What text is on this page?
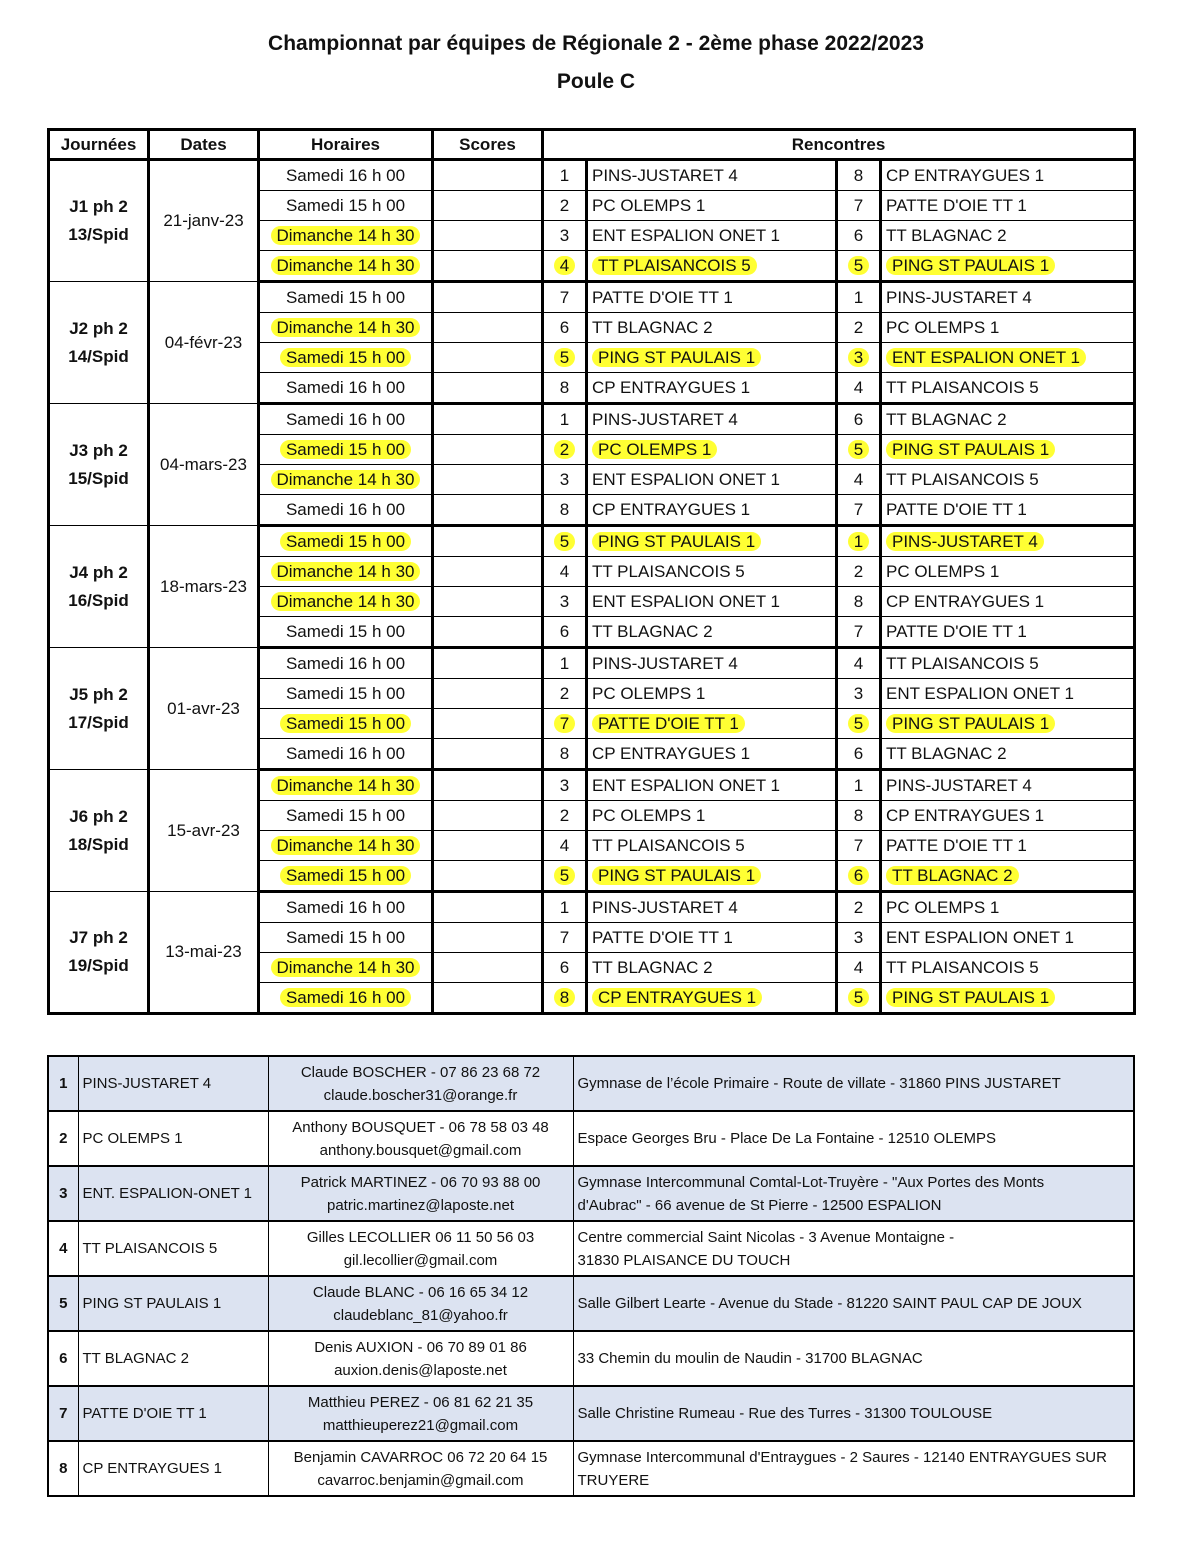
Championnat par équipes de Régionale 2 - 2ème phase 2022/2023
Poule C
Journées	Dates	Horaires	Scores	Rencontres			
J1 ph 2
13/Spid	21-janv-23	Samedi 16 h 00		1	PINS-JUSTARET 4	8	CP ENTRAYGUES 1
		Samedi 15 h 00		2	PC OLEMPS 1	7	PATTE D'OIE TT 1
		Dimanche 14 h 30		3	ENT ESPALION ONET 1	6	TT BLAGNAC 2
		Dimanche 14 h 30		4	TT PLAISANCOIS 5	5	PING ST PAULAIS 1
J2 ph 2
14/Spid	04-févr-23	Samedi 15 h 00		7	PATTE D'OIE TT 1	1	PINS-JUSTARET 4
		Dimanche 14 h 30		6	TT BLAGNAC 2	2	PC OLEMPS 1
		Samedi 15 h 00		5	PING ST PAULAIS 1	3	ENT ESPALION ONET 1
		Samedi 16 h 00		8	CP ENTRAYGUES 1	4	TT PLAISANCOIS 5
J3 ph 2
15/Spid	04-mars-23	Samedi 16 h 00		1	PINS-JUSTARET 4	6	TT BLAGNAC 2
		Samedi 15 h 00		2	PC OLEMPS 1	5	PING ST PAULAIS 1
		Dimanche 14 h 30		3	ENT ESPALION ONET 1	4	TT PLAISANCOIS 5
		Samedi 16 h 00		8	CP ENTRAYGUES 1	7	PATTE D'OIE TT 1
J4 ph 2
16/Spid	18-mars-23	Samedi 15 h 00		5	PING ST PAULAIS 1	1	PINS-JUSTARET 4
		Dimanche 14 h 30		4	TT PLAISANCOIS 5	2	PC OLEMPS 1
		Dimanche 14 h 30		3	ENT ESPALION ONET 1	8	CP ENTRAYGUES 1
		Samedi 15 h 00		6	TT BLAGNAC 2	7	PATTE D'OIE TT 1
J5 ph 2
17/Spid	01-avr-23	Samedi 16 h 00		1	PINS-JUSTARET 4	4	TT PLAISANCOIS 5
		Samedi 15 h 00		2	PC OLEMPS 1	3	ENT ESPALION ONET 1
		Samedi 15 h 00		7	PATTE D'OIE TT 1	5	PING ST PAULAIS 1
		Samedi 16 h 00		8	CP ENTRAYGUES 1	6	TT BLAGNAC 2
J6 ph 2
18/Spid	15-avr-23	Dimanche 14 h 30		3	ENT ESPALION ONET 1	1	PINS-JUSTARET 4
		Samedi 15 h 00		2	PC OLEMPS 1	8	CP ENTRAYGUES 1
		Dimanche 14 h 30		4	TT PLAISANCOIS 5	7	PATTE D'OIE TT 1
		Samedi 15 h 00		5	PING ST PAULAIS 1	6	TT BLAGNAC 2
J7 ph 2
19/Spid	13-mai-23	Samedi 16 h 00		1	PINS-JUSTARET 4	2	PC OLEMPS 1
		Samedi 15 h 00		7	PATTE D'OIE TT 1	3	ENT ESPALION ONET 1
		Dimanche 14 h 30		6	TT BLAGNAC 2	4	TT PLAISANCOIS 5
		Samedi 16 h 00		8	CP ENTRAYGUES 1	5	PING ST PAULAIS 1
1	PINS-JUSTARET 4	Claude BOSCHER - 07 86 23 68 72
claude.boscher31@orange.fr	Gymnase de l’école Primaire - Route de villate - 31860 PINS JUSTARET
2	PC OLEMPS 1	Anthony BOUSQUET - 06 78 58 03 48
anthony.bousquet@gmail.com	Espace Georges Bru - Place De La Fontaine - 12510 OLEMPS
3	ENT. ESPALION-ONET 1	Patrick MARTINEZ - 06 70 93 88 00
patric.martinez@laposte.net	Gymnase Intercommunal Comtal-Lot-Truyère - "Aux Portes des Monts
d'Aubrac" - 66 avenue de St Pierre - 12500 ESPALION
4	TT PLAISANCOIS 5	Gilles LECOLLIER 06 11 50 56 03
gil.lecollier@gmail.com	Centre commercial Saint Nicolas - 3 Avenue Montaigne -
31830 PLAISANCE DU TOUCH
5	PING ST PAULAIS 1	Claude BLANC - 06 16 65 34 12
claudeblanc_81@yahoo.fr	Salle Gilbert Learte - Avenue du Stade - 81220 SAINT PAUL CAP DE JOUX
6	TT BLAGNAC 2	Denis AUXION - 06 70 89 01 86
auxion.denis@laposte.net	33 Chemin du moulin de Naudin - 31700 BLAGNAC
7	PATTE D'OIE TT 1	Matthieu PEREZ - 06 81 62 21 35
matthieuperez21@gmail.com	Salle Christine Rumeau - Rue des Turres - 31300 TOULOUSE
8	CP ENTRAYGUES 1	Benjamin CAVARROC 06 72 20 64 15
cavarroc.benjamin@gmail.com	Gymnase Intercommunal d'Entraygues - 2 Saures - 12140 ENTRAYGUES SUR
TRUYERE
